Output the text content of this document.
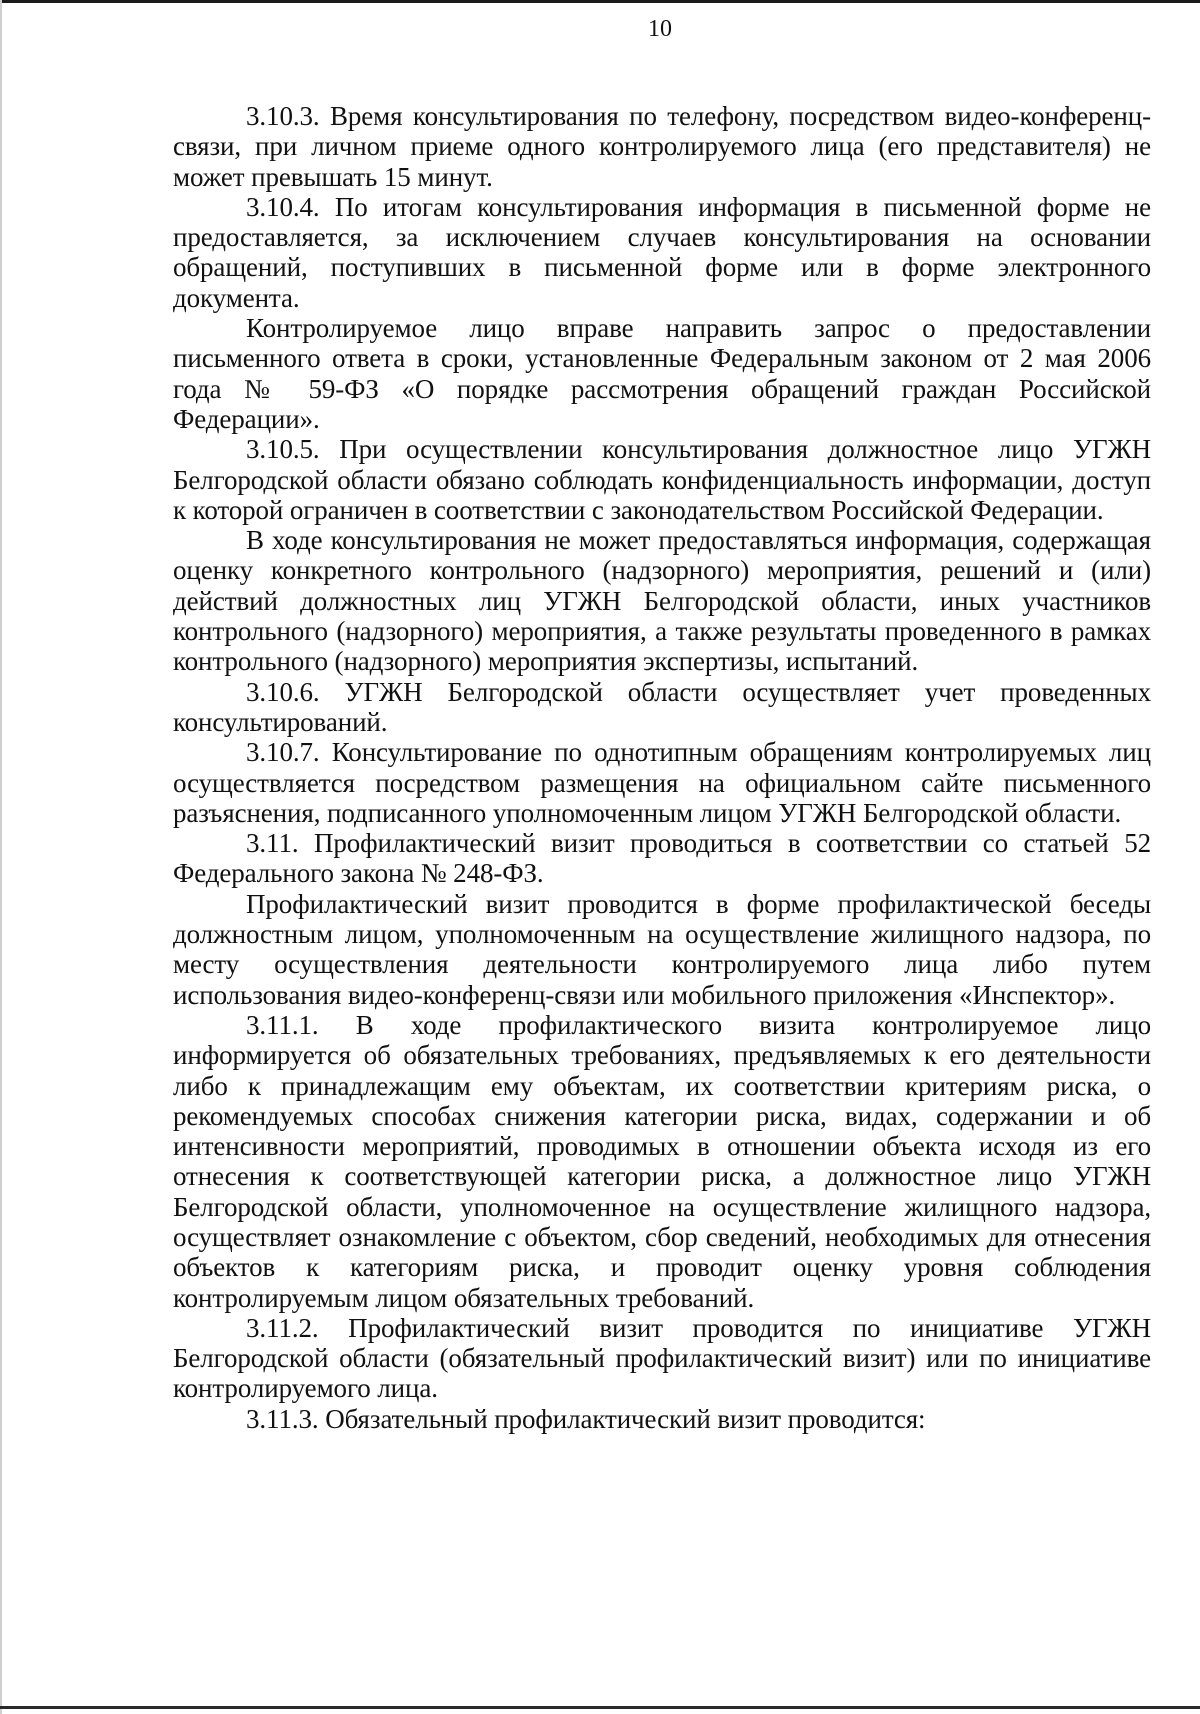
10

3.10.3. Время консультирования по телефону, посредством видео-конференц-связи, при личном приеме одного контролируемого лица (его представителя) не может превышать 15 минут.

3.10.4. По итогам консультирования информация в письменной форме не предоставляется, за исключением случаев консультирования на основании обращений, поступивших в письменной форме или в форме электронного документа.

Контролируемое лицо вправе направить запрос о предоставлении письменного ответа в сроки, установленные Федеральным законом от 2 мая 2006 года № 59-ФЗ «О порядке рассмотрения обращений граждан Российской Федерации».

3.10.5. При осуществлении консультирования должностное лицо УГЖН Белгородской области обязано соблюдать конфиденциальность информации, доступ к которой ограничен в соответствии с законодательством Российской Федерации.

В ходе консультирования не может предоставляться информация, содержащая оценку конкретного контрольного (надзорного) мероприятия, решений и (или) действий должностных лиц УГЖН Белгородской области, иных участников контрольного (надзорного) мероприятия, а также результаты проведенного в рамках контрольного (надзорного) мероприятия экспертизы, испытаний.

3.10.6. УГЖН Белгородской области осуществляет учет проведенных консультирований.

3.10.7. Консультирование по однотипным обращениям контролируемых лиц осуществляется посредством размещения на официальном сайте письменного разъяснения, подписанного уполномоченным лицом УГЖН Белгородской области.

3.11. Профилактический визит проводиться в соответствии со статьей 52 Федерального закона № 248-ФЗ.

Профилактический визит проводится в форме профилактической беседы должностным лицом, уполномоченным на осуществление жилищного надзора, по месту осуществления деятельности контролируемого лица либо путем использования видео-конференц-связи или мобильного приложения «Инспектор».

3.11.1. В ходе профилактического визита контролируемое лицо информируется об обязательных требованиях, предъявляемых к его деятельности либо к принадлежащим ему объектам, их соответствии критериям риска, о рекомендуемых способах снижения категории риска, видах, содержании и об интенсивности мероприятий, проводимых в отношении объекта исходя из его отнесения к соответствующей категории риска, а должностное лицо УГЖН Белгородской области, уполномоченное на осуществление жилищного надзора, осуществляет ознакомление с объектом, сбор сведений, необходимых для отнесения объектов к категориям риска, и проводит оценку уровня соблюдения контролируемым лицом обязательных требований.

3.11.2. Профилактический визит проводится по инициативе УГЖН Белгородской области (обязательный профилактический визит) или по инициативе контролируемого лица.

3.11.3. Обязательный профилактический визит проводится:
